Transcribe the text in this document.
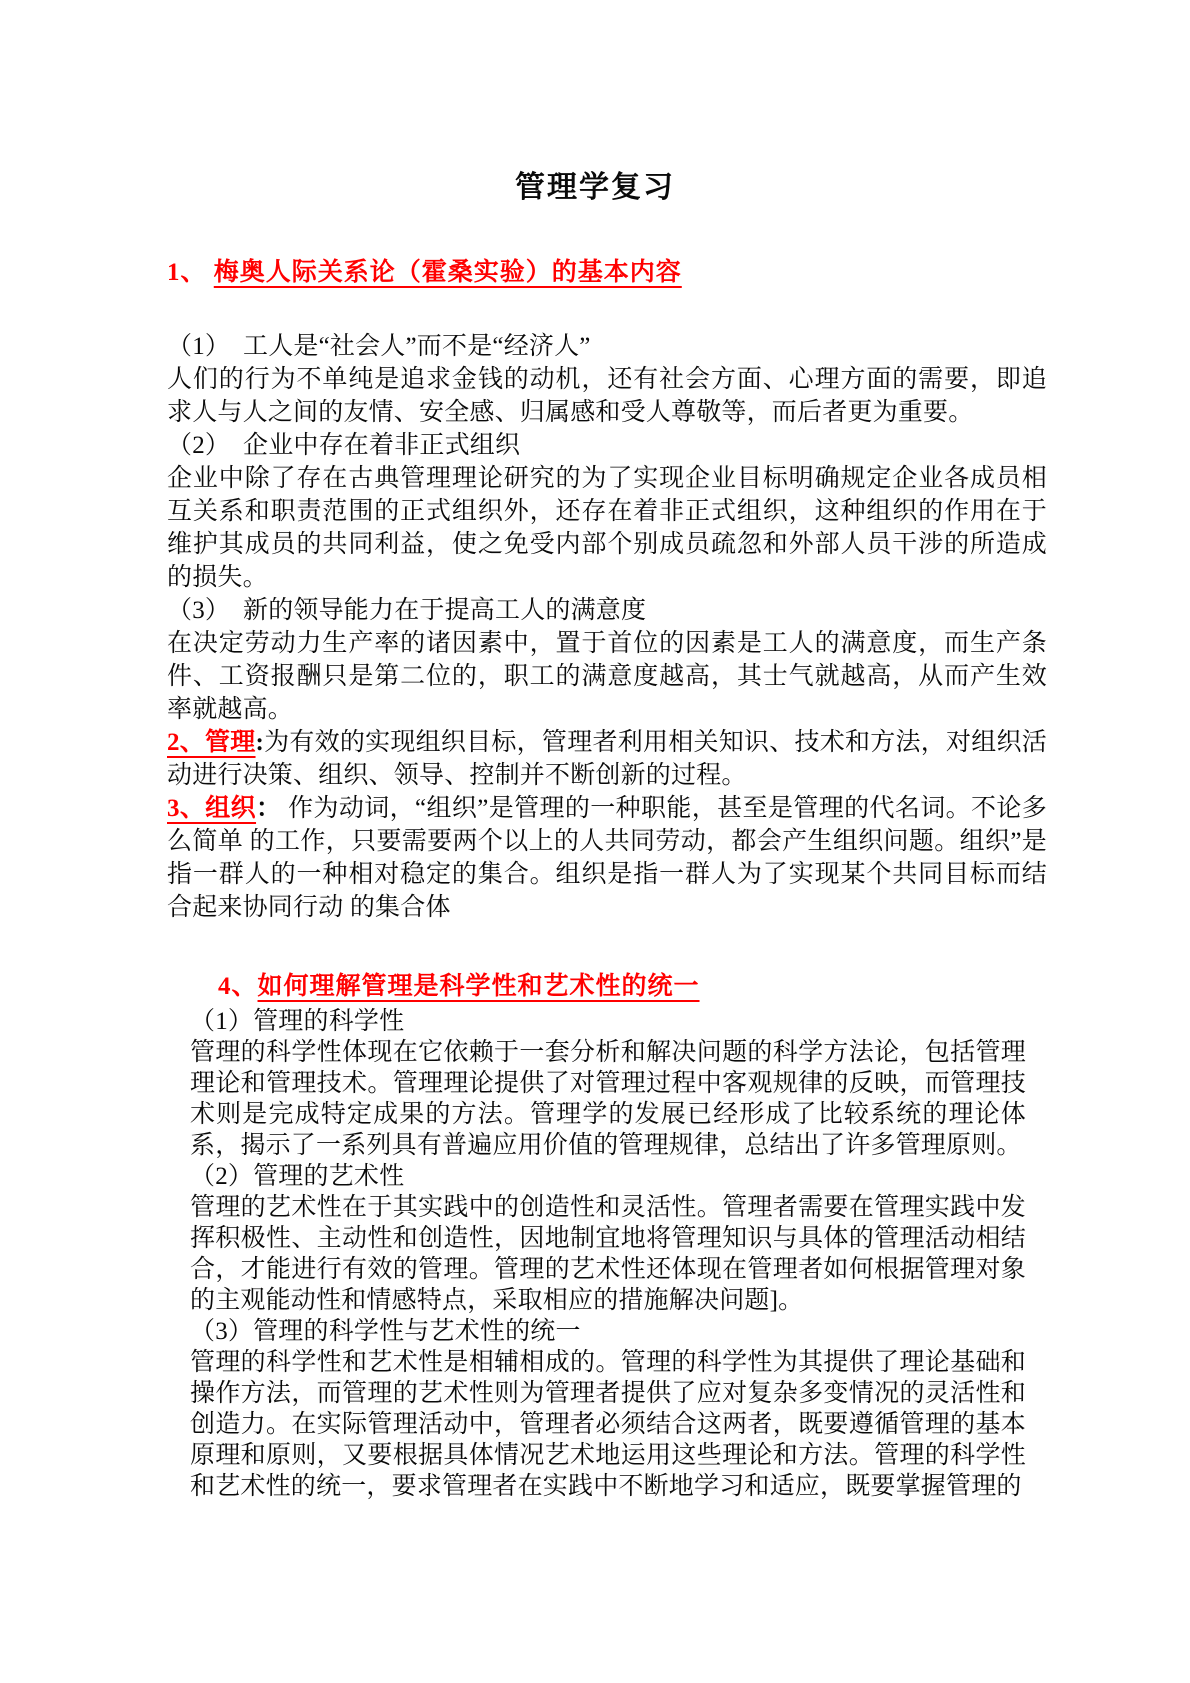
管理学复习
1、 梅奥人际关系论（霍桑实验）的基本内容

（1）  工人是“社会人”而不是“经济人”

人们的行为不单纯是追求金钱的动机，还有社会方面、心理方面的需要，即追求人与人之间的友情、安全感、归属感和受人尊敬等，而后者更为重要。

（2）  企业中存在着非正式组织

企业中除了存在古典管理理论研究的为了实现企业目标明确规定企业各成员相互关系和职责范围的正式组织外，还存在着非正式组织，这种组织的作用在于维护其成员的共同利益，使之免受内部个别成员疏忽和外部人员干涉的所造成的损失。

（3）  新的领导能力在于提高工人的满意度

在决定劳动力生产率的诸因素中，置于首位的因素是工人的满意度，而生产条件、工资报酬只是第二位的，职工的满意度越高，其士气就越高，从而产生效率就越高。

2、管理:为有效的实现组织目标，管理者利用相关知识、技术和方法，对组织活动进行决策、组织、领导、控制并不断创新的过程。

3、组织： 作为动词，“组织”是管理的一种职能，甚至是管理的代名词。不论多么简单 的工作，只要需要两个以上的人共同劳动，都会产生组织问题。组织”是指一群人的一种相对稳定的集合。组织是指一群人为了实现某个共同目标而结合起来协同行动 的集合体

4、如何理解管理是科学性和艺术性的统一

（1）管理的科学性

管理的科学性体现在它依赖于一套分析和解决问题的科学方法论，包括管理理论和管理技术。管理理论提供了对管理过程中客观规律的反映，而管理技术则是完成特定成果的方法。管理学的发展已经形成了比较系统的理论体系，揭示了一系列具有普遍应用价值的管理规律，总结出了许多管理原则。

（2）管理的艺术性

管理的艺术性在于其实践中的创造性和灵活性。管理者需要在管理实践中发挥积极性、主动性和创造性，因地制宜地将管理知识与具体的管理活动相结合，才能进行有效的管理。管理的艺术性还体现在管理者如何根据管理对象的主观能动性和情感特点，采取相应的措施解决问题]。

（3）管理的科学性与艺术性的统一

管理的科学性和艺术性是相辅相成的。管理的科学性为其提供了理论基础和操作方法，而管理的艺术性则为管理者提供了应对复杂多变情况的灵活性和创造力。在实际管理活动中，管理者必须结合这两者，既要遵循管理的基本原理和原则，又要根据具体情况艺术地运用这些理论和方法。管理的科学性和艺术性的统一，要求管理者在实践中不断地学习和适应，既要掌握管理的
